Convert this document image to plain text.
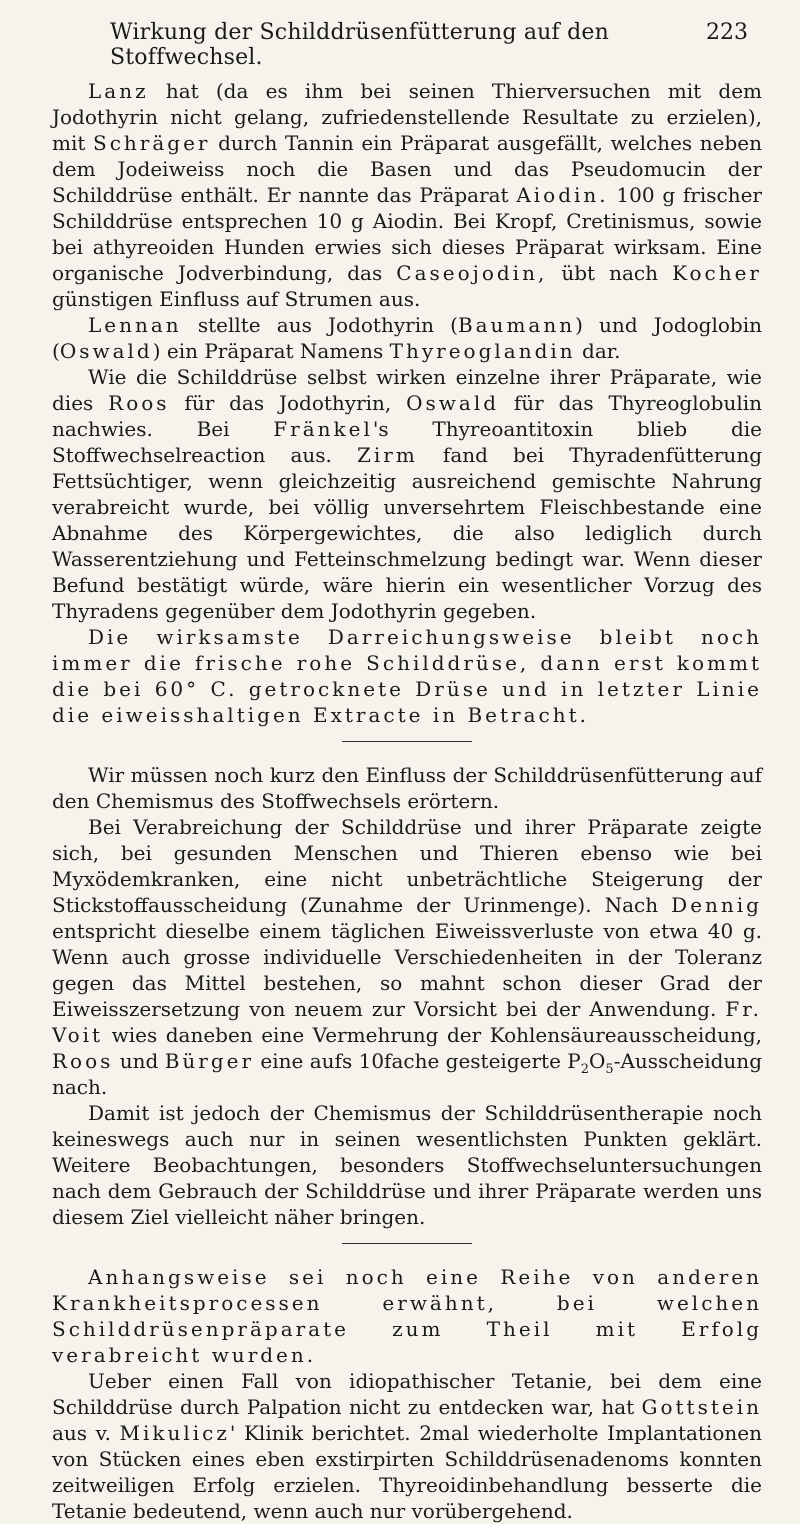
Wirkung der Schilddrüsenfütterung auf den Stoffwechsel.
223

Lanz hat (da es ihm bei seinen Thierversuchen mit dem Jodothyrin nicht gelang, zufriedenstellende Resultate zu erzielen), mit Schräger durch Tannin ein Präparat ausgefällt, welches neben dem Jodeiweiss noch die Basen und das Pseudomucin der Schilddrüse enthält. Er nannte das Präparat Aiodin. 100 g frischer Schilddrüse entsprechen 10 g Aiodin. Bei Kropf, Cretinismus, sowie bei athyreoiden Hunden erwies sich dieses Präparat wirksam. Eine organische Jodverbindung, das Caseojodin, übt nach Kocher günstigen Einfluss auf Strumen aus.

Lennan stellte aus Jodothyrin (Baumann) und Jodoglobin (Oswald) ein Präparat Namens Thyreoglandin dar.

Wie die Schilddrüse selbst wirken einzelne ihrer Präparate, wie dies Roos für das Jodothyrin, Oswald für das Thyreoglobulin nachwies. Bei Fränkel's Thyreoantitoxin blieb die Stoffwechselreaction aus. Zirm fand bei Thyradenfütterung Fettsüchtiger, wenn gleichzeitig ausreichend gemischte Nahrung verabreicht wurde, bei völlig unversehrtem Fleischbestande eine Abnahme des Körpergewichtes, die also lediglich durch Wasserentziehung und Fetteinschmelzung bedingt war. Wenn dieser Befund bestätigt würde, wäre hierin ein wesentlicher Vorzug des Thyradens gegenüber dem Jodothyrin gegeben.

Die wirksamste Darreichungsweise bleibt noch immer die frische rohe Schilddrüse, dann erst kommt die bei 60° C. getrocknete Drüse und in letzter Linie die eiweisshaltigen Extracte in Betracht.

Wir müssen noch kurz den Einfluss der Schilddrüsenfütterung auf den Chemismus des Stoffwechsels erörtern.

Bei Verabreichung der Schilddrüse und ihrer Präparate zeigte sich, bei gesunden Menschen und Thieren ebenso wie bei Myxödemkranken, eine nicht unbeträchtliche Steigerung der Stickstoffausscheidung (Zunahme der Urinmenge). Nach Dennig entspricht dieselbe einem täglichen Eiweissverluste von etwa 40 g. Wenn auch grosse individuelle Verschiedenheiten in der Toleranz gegen das Mittel bestehen, so mahnt schon dieser Grad der Eiweisszersetzung von neuem zur Vorsicht bei der Anwendung. Fr. Voit wies daneben eine Vermehrung der Kohlensäureausscheidung, Roos und Bürger eine aufs 10fache gesteigerte $P_2O_5$-Ausscheidung nach.

Damit ist jedoch der Chemismus der Schilddrüsentherapie noch keineswegs auch nur in seinen wesentlichsten Punkten geklärt. Weitere Beobachtungen, besonders Stoffwechseluntersuchungen nach dem Gebrauch der Schilddrüse und ihrer Präparate werden uns diesem Ziel vielleicht näher bringen.

Anhangsweise sei noch eine Reihe von anderen Krankheitsprocessen erwähnt, bei welchen Schilddrüsenpräparate zum Theil mit Erfolg verabreicht wurden.

Ueber einen Fall von idiopathischer Tetanie, bei dem eine Schilddrüse durch Palpation nicht zu entdecken war, hat Gottstein aus v. Mikulicz' Klinik berichtet. 2mal wiederholte Implantationen von Stücken eines eben exstirpirten Schilddrüsenadenoms konnten zeitweiligen Erfolg erzielen. Thyreoidinbehandlung besserte die Tetanie bedeutend, wenn auch nur vorübergehend.
